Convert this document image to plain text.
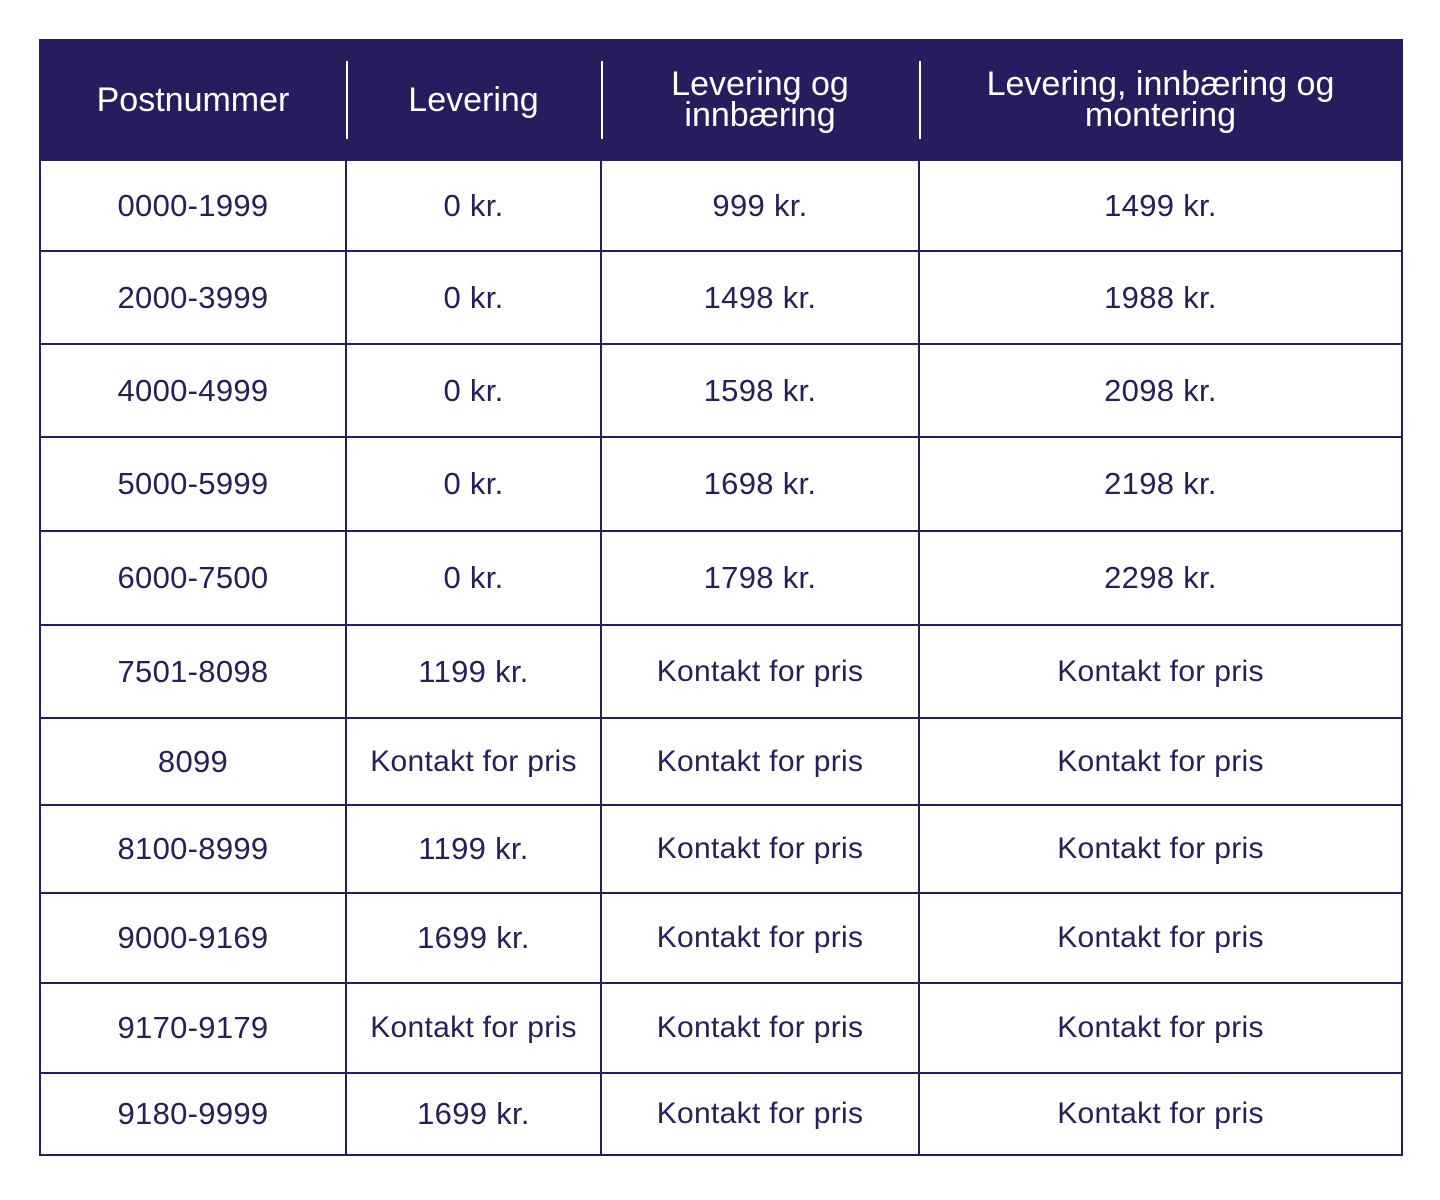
Postnummer	Levering	Levering og innbæring	Levering, innbæring og montering
0000-1999	0 kr.	999 kr.	1499 kr.
2000-3999	0 kr.	1498 kr.	1988 kr.
4000-4999	0 kr.	1598 kr.	2098 kr.
5000-5999	0 kr.	1698 kr.	2198 kr.
6000-7500	0 kr.	1798 kr.	2298 kr.
7501-8098	1199 kr.	Kontakt for pris	Kontakt for pris
8099	Kontakt for pris	Kontakt for pris	Kontakt for pris
8100-8999	1199 kr.	Kontakt for pris	Kontakt for pris
9000-9169	1699 kr.	Kontakt for pris	Kontakt for pris
9170-9179	Kontakt for pris	Kontakt for pris	Kontakt for pris
9180-9999	1699 kr.	Kontakt for pris	Kontakt for pris
